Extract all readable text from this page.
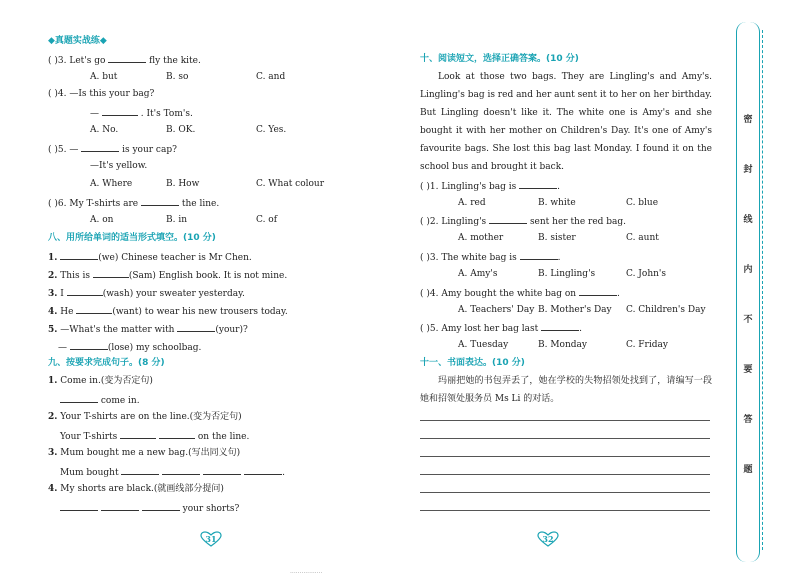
◆真题实战练◆
( )3. Let's go	fly the kite.
A. but	B. so	C. and
( )4. —Is this your bag?
—	. It's Tom's.
A. No.	B. OK.	C. Yes.
( )5. —	is your cap?
—It's yellow.
A. Where	B. How	C. What colour
( )6. My T-shirts are	the line.
A. on	B. in	C. of
八、用所给单词的适当形式填空。(10 分)
1.	(we) Chinese teacher is Mr Chen.
2. This is	(Sam) English book. It is not mine.
3. I	(wash) your sweater yesterday.
4. He	(want) to wear his new trousers today.
5. —What's the matter with	(your)?
—	(lose) my schoolbag.
九、按要求完成句子。(8 分)
1. Come in.(变为否定句)
come in.
2. Your T-shirts are on the line.(变为否定句)
Your T-shirts	on the line.
3. Mum bought me a new bag.(写出同义句)
Mum bought	.
4. My shorts are black.(就画线部分提问)
your shorts?
31
十、阅读短文，选择正确答案。(10 分)
Look at those two bags. They are Lingling's and Amy's. Lingling's bag is red and her aunt sent it to her on her birthday. But Lingling doesn't like it. The white one is Amy's and she bought it with her mother on Children's Day. It's one of Amy's favourite bags. She lost this bag last Monday. I found it on the school bus and brought it back.
( )1. Lingling's bag is	.
A. red	B. white	C. blue
( )2. Lingling's	sent her the red bag.
A. mother	B. sister	C. aunt
( )3. The white bag is	.
A. Amy's	B. Lingling's	C. John's
( )4. Amy bought the white bag on	.
A. Teachers' Day B. Mother's Day C. Children's Day
( )5. Amy lost her bag last	.
A. Tuesday	B. Monday	C. Friday
十一、书面表达。(10 分)
玛丽把她的书包弄丢了，她在学校的失物招领处找到了，请编写一段她和招领处服务员 Ms Li 的对话。
32
密
封
线
内
不
要
答
题
·················
